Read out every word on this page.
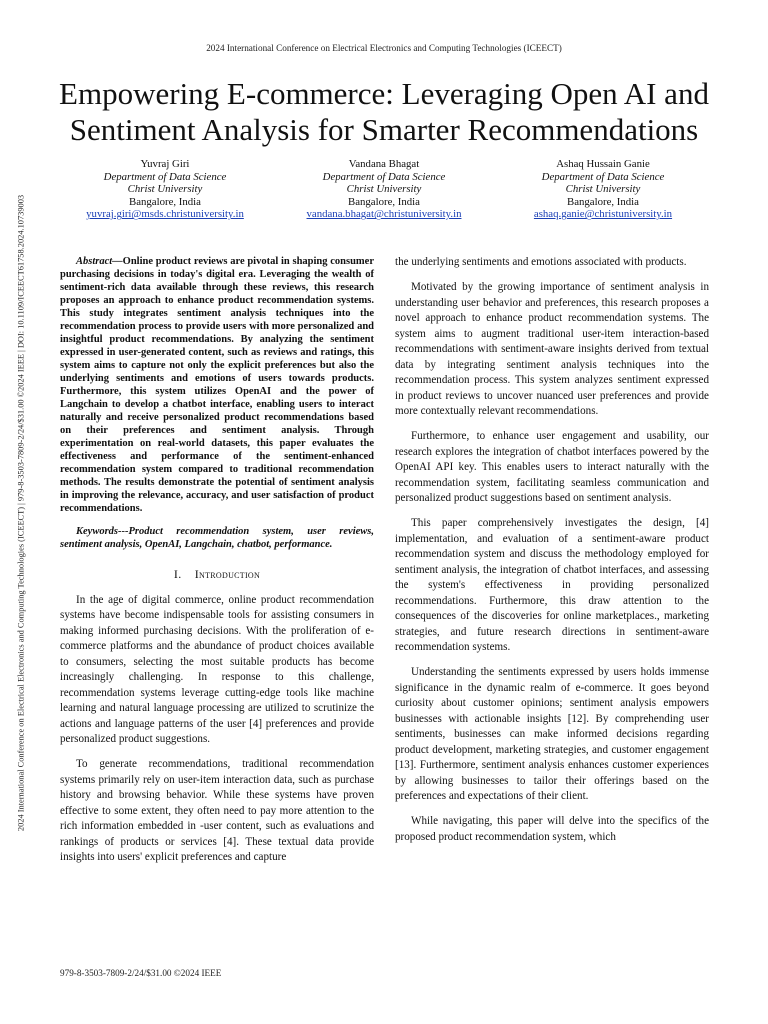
2024 International Conference on Electrical Electronics and Computing Technologies (ICEECT)
2024 International Conference on Electrical Electronics and Computing Technologies (ICEECT) | 979-8-3503-7809-2/24/$31.00 ©2024 IEEE | DOI: 10.1109/ICEECT61758.2024.10739003
Empowering E-commerce: Leveraging Open AI and
Sentiment Analysis for Smarter Recommendations
Yuvraj Giri
Department of Data Science
Christ University
Bangalore, India
yuvraj.giri@msds.christuniversity.in
Vandana Bhagat
Department of Data Science
Christ University
Bangalore, India
vandana.bhagat@christuniversity.in
Ashaq Hussain Ganie
Department of Data Science
Christ University
Bangalore, India
ashaq.ganie@christuniversity.in

Abstract—Online product reviews are pivotal in shaping consumer purchasing decisions in today's digital era. Leveraging the wealth of sentiment-rich data available through these reviews, this research proposes an approach to enhance product recommendation systems. This study integrates sentiment analysis techniques into the recommendation process to provide users with more personalized and insightful product recommendations. By analyzing the sentiment expressed in user-generated content, such as reviews and ratings, this system aims to capture not only the explicit preferences but also the underlying sentiments and emotions of users towards products. Furthermore, this system utilizes OpenAI and the power of Langchain to develop a chatbot interface, enabling users to interact naturally and receive personalized product recommendations based on their preferences and sentiment analysis. Through experimentation on real-world datasets, this paper evaluates the effectiveness and performance of the sentiment-enhanced recommendation system compared to traditional recommendation methods. The results demonstrate the potential of sentiment analysis in improving the relevance, accuracy, and user satisfaction of product recommendations.

Keywords---Product recommendation system, user reviews, sentiment analysis, OpenAI, Langchain, chatbot, performance.

I. Introduction

In the age of digital commerce, online product recommendation systems have become indispensable tools for assisting consumers in making informed purchasing decisions. With the proliferation of e-commerce platforms and the abundance of product choices available to consumers, selecting the most suitable products has become increasingly challenging. In response to this challenge, recommendation systems leverage cutting-edge tools like machine learning and natural language processing are utilized to scrutinize the actions and language patterns of the user [4] preferences and provide personalized product suggestions.

To generate recommendations, traditional recommendation systems primarily rely on user-item interaction data, such as purchase history and browsing behavior. While these systems have proven effective to some extent, they often need to pay more attention to the rich information embedded in -user content, such as evaluations and rankings of products or services [4]. These textual data provide insights into users' explicit preferences and capture

the underlying sentiments and emotions associated with products.

Motivated by the growing importance of sentiment analysis in understanding user behavior and preferences, this research proposes a novel approach to enhance product recommendation systems. The system aims to augment traditional user-item interaction-based recommendations with sentiment-aware insights derived from textual data by integrating sentiment analysis techniques into the recommendation process. This system analyzes sentiment expressed in product reviews to uncover nuanced user preferences and provide more contextually relevant recommendations.

Furthermore, to enhance user engagement and usability, our research explores the integration of chatbot interfaces powered by the OpenAI API key. This enables users to interact naturally with the recommendation system, facilitating seamless communication and personalized product suggestions based on sentiment analysis.

This paper comprehensively investigates the design, [4] implementation, and evaluation of a sentiment-aware product recommendation system and discuss the methodology employed for sentiment analysis, the integration of chatbot interfaces, and assessing the system's effectiveness in providing personalized recommendations. Furthermore, this draw attention to the consequences of the discoveries for online marketplaces., marketing strategies, and future research directions in sentiment-aware recommendation systems.

Understanding the sentiments expressed by users holds immense significance in the dynamic realm of e-commerce. It goes beyond curiosity about customer opinions; sentiment analysis empowers businesses with actionable insights [12]. By comprehending user sentiments, businesses can make informed decisions regarding product development, marketing strategies, and customer engagement [13]. Furthermore, sentiment analysis enhances customer experiences by allowing businesses to tailor their offerings based on the preferences and expectations of their client.

While navigating, this paper will delve into the specifics of the proposed product recommendation system, which

979-8-3503-7809-2/24/$31.00 ©2024 IEEE
